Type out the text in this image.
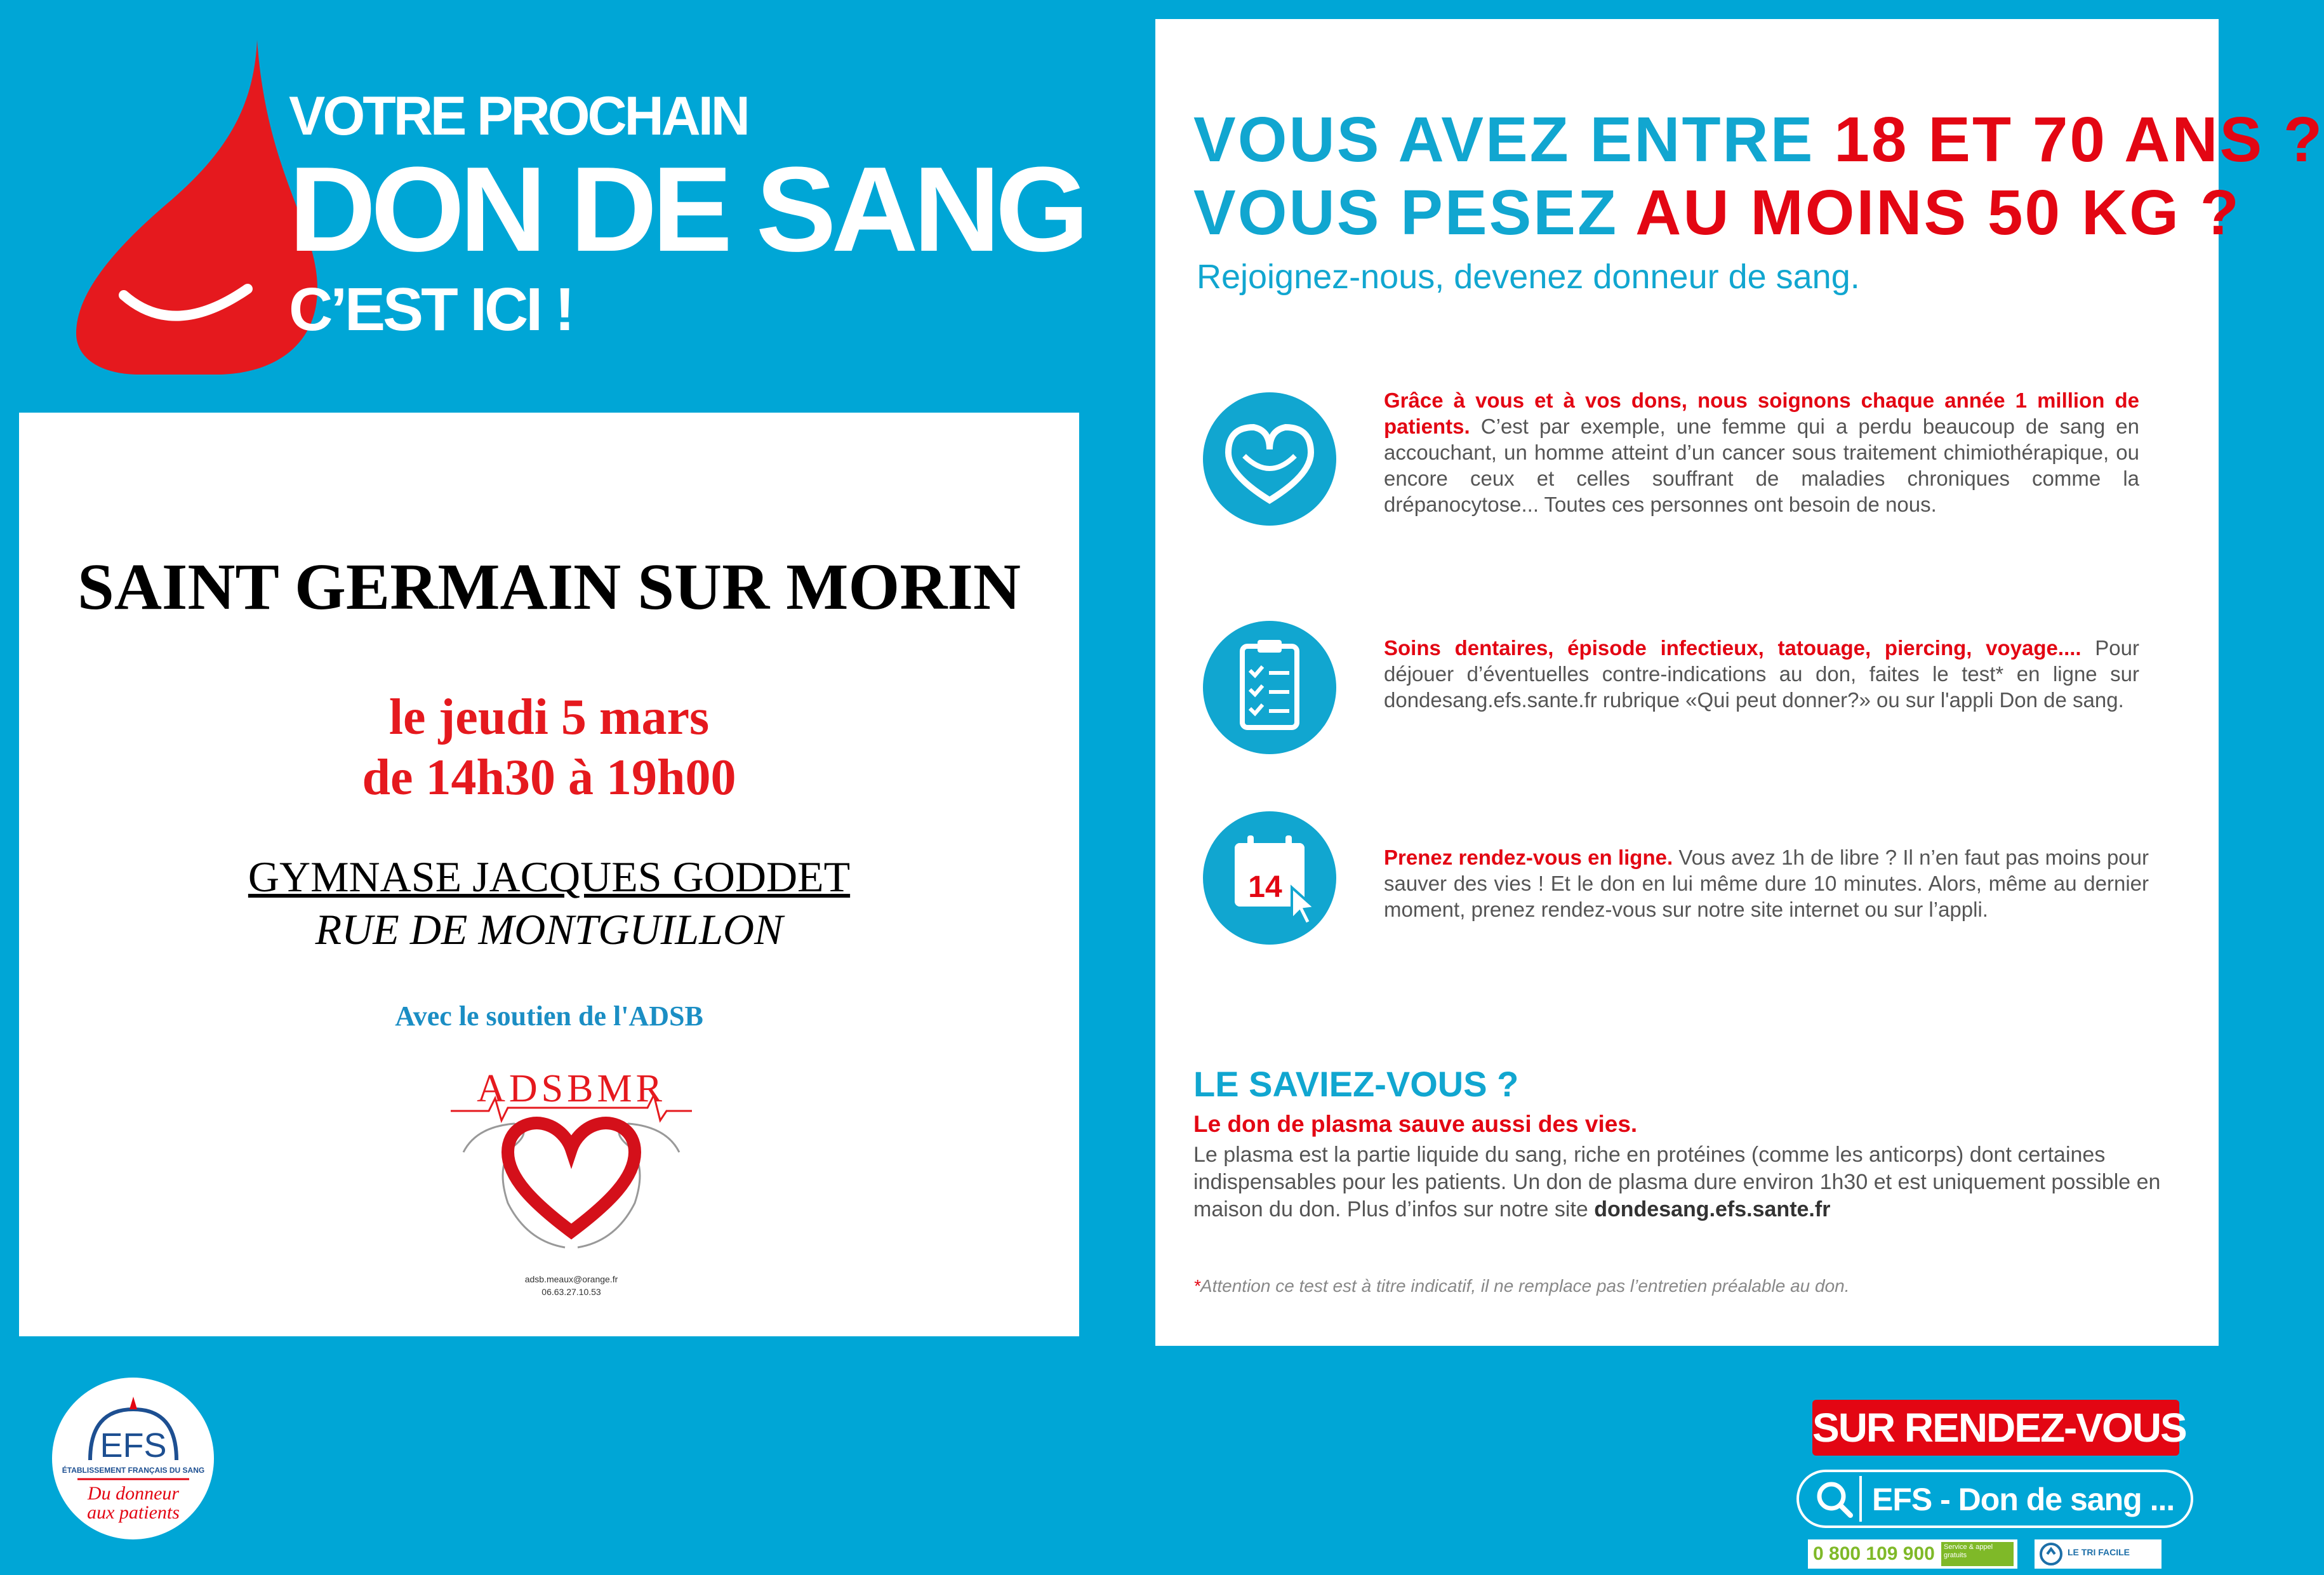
VOTRE PROCHAIN
DON DE SANG
C’EST ICI !
SAINT GERMAIN SUR MORIN
le jeudi 5 mars
de 14h30 à 19h00
GYMNASE JACQUES GODDET
RUE DE MONTGUILLON
Avec le soutien de l'ADSB
ADSBMR
adsb.meaux@orange.fr
06.63.27.10.53
VOUS AVEZ ENTRE 18 ET 70 ANS ?
VOUS PESEZ AU MOINS 50 KG ?
Rejoignez-nous, devenez donneur de sang.
Grâce à vous et à vos dons, nous soignons chaque année 1 million de patients. C’est par exemple, une femme qui a perdu beaucoup de sang en accouchant, un homme atteint d’un cancer sous traitement chimiothérapique, ou encore ceux et celles souffrant de maladies chroniques comme la drépanocytose... Toutes ces personnes ont besoin de nous.
Soins dentaires, épisode infectieux, tatouage, piercing, voyage.... Pour déjouer d’éventuelles contre-indications au don, faites le test* en ligne sur dondesang.efs.sante.fr rubrique «Qui peut donner?» ou sur l'appli Don de sang.
14
Prenez rendez-vous en ligne. Vous avez 1h de libre ? Il n’en faut pas moins pour sauver des vies ! Et le don en lui même dure 10 minutes. Alors, même au dernier moment, prenez rendez-vous sur notre site internet ou sur l’appli.
LE SAVIEZ-VOUS ?
Le don de plasma sauve aussi des vies.
Le plasma est la partie liquide du sang, riche en protéines (comme les anticorps) dont certaines indispensables pour les patients. Un don de plasma dure environ 1h30 et est uniquement possible en maison du don. Plus d’infos sur notre site dondesang.efs.sante.fr
*Attention ce test est à titre indicatif, il ne remplace pas l’entretien préalable au don.
EFS
ÉTABLISSEMENT FRANÇAIS DU SANG
Du donneur
aux patients
SUR RENDEZ-VOUS
EFS - Don de sang ...
0 800 109 900	Service & appel gratuits	LE TRI FACILE
